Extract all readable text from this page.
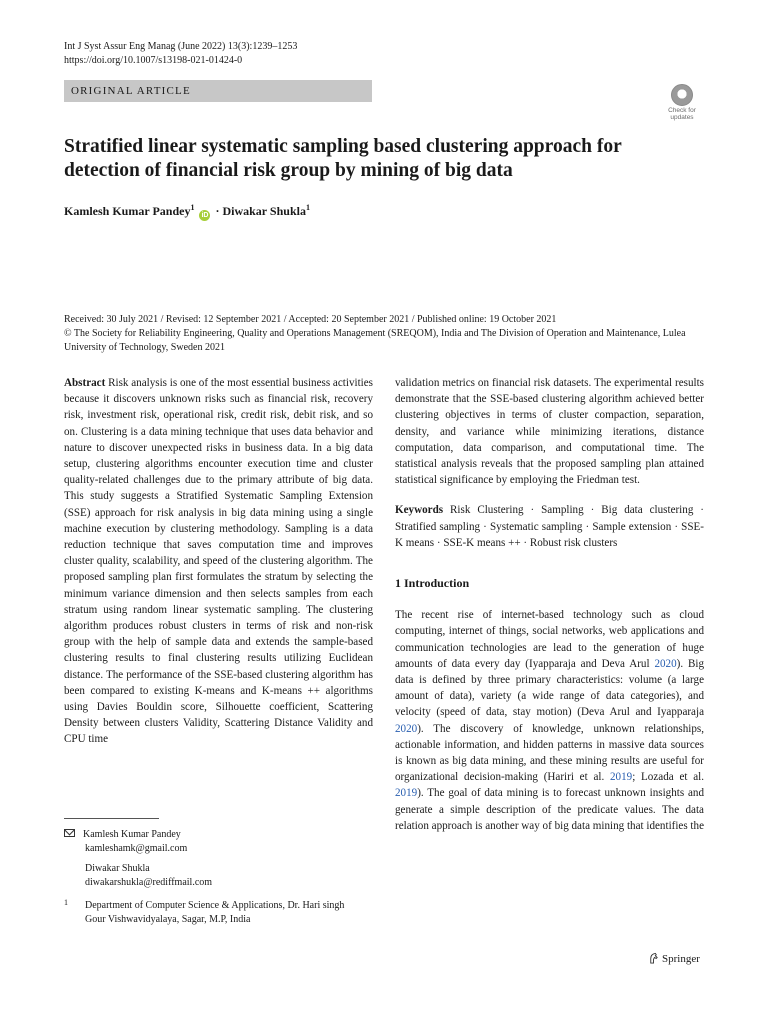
Int J Syst Assur Eng Manag (June 2022) 13(3):1239–1253
https://doi.org/10.1007/s13198-021-01424-0
ORIGINAL ARTICLE
Check for updates
Stratified linear systematic sampling based clustering approach for detection of financial risk group by mining of big data
Kamlesh Kumar Pandey$^1$ iD · Diwakar Shukla$^1$
Received: 30 July 2021 / Revised: 12 September 2021 / Accepted: 20 September 2021 / Published online: 19 October 2021
© The Society for Reliability Engineering, Quality and Operations Management (SREQOM), India and The Division of Operation and Maintenance, Lulea University of Technology, Sweden 2021
Abstract Risk analysis is one of the most essential business activities because it discovers unknown risks such as financial risk, recovery risk, investment risk, operational risk, credit risk, debit risk, and so on. Clustering is a data mining technique that uses data behavior and nature to discover unexpected risks in business data. In a big data setup, clustering algorithms encounter execution time and cluster quality-related challenges due to the primary attribute of big data. This study suggests a Stratified Systematic Sampling Extension (SSE) approach for risk analysis in big data mining using a single machine execution by clustering methodology. Sampling is a data reduction technique that saves computation time and improves cluster quality, scalability, and speed of the clustering algorithm. The proposed sampling plan first formulates the stratum by selecting the minimum variance dimension and then selects samples from each stratum using random linear systematic sampling. The clustering algorithm produces robust clusters in terms of risk and non-risk group with the help of sample data and extends the sample-based clustering results to final clustering results utilizing Euclidean distance. The performance of the SSE-based clustering algorithm has been compared to existing K-means and K-means ++ algorithms using Davies Bouldin score, Silhouette coefficient, Scattering Density between clusters Validity, Scattering Distance Validity and CPU time
validation metrics on financial risk datasets. The experimental results demonstrate that the SSE-based clustering algorithm achieved better clustering objectives in terms of cluster compaction, separation, density, and variance while minimizing iterations, distance computation, data comparison, and computational time. The statistical analysis reveals that the proposed sampling plan attained statistical significance by employing the Friedman test.
Keywords Risk Clustering · Sampling · Big data clustering · Stratified sampling · Systematic sampling · Sample extension · SSE-K means · SSE-K means ++ · Robust risk clusters
1 Introduction
The recent rise of internet-based technology such as cloud computing, internet of things, social networks, web applications and communication technologies are lead to the generation of huge amounts of data every day (Iyapparaja and Deva Arul 2020). Big data is defined by three primary characteristics: volume (a large amount of data), variety (a wide range of data categories), and velocity (speed of data, stay motion) (Deva Arul and Iyapparaja 2020). The discovery of knowledge, unknown relationships, actionable information, and hidden patterns in massive data sources is known as big data mining, and these mining results are useful for organizational decision-making (Hariri et al. 2019; Lozada et al. 2019). The goal of data mining is to forecast unknown insights and generate a simple description of the predicate values. The data relation approach is another way of big data mining that identifies the
Kamlesh Kumar Pandey
kamleshamk@gmail.com
Diwakar Shukla
diwakarshukla@rediffmail.com
1	Department of Computer Science & Applications, Dr. Hari singh Gour Vishwavidyalaya, Sagar, M.P, India
Springer
